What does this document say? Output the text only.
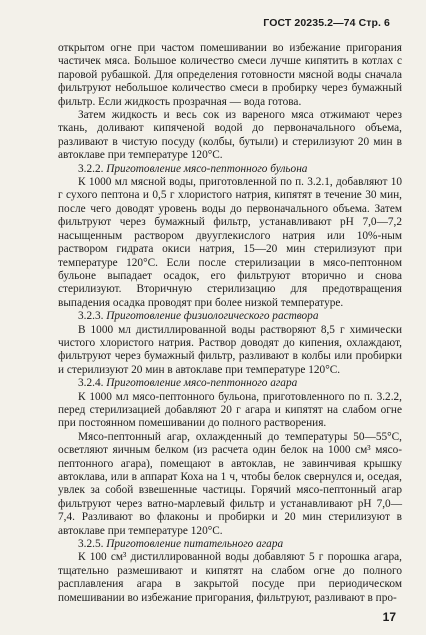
ГОСТ 20235.2—74 Стр. 6

открытом огне при частом помешивании во избежание пригорания частичек мяса. Большое количество смеси лучше кипятить в котлах с паровой рубашкой. Для определения готовности мясной воды сначала фильтруют небольшое количество смеси в пробирку через бумажный фильтр. Если жидкость прозрачная — вода готова.

Затем жидкость и весь сок из вареного мяса отжимают через ткань, доливают кипяченой водой до первоначального объема, разливают в чистую посуду (колбы, бутыли) и стерилизуют 20 мин в автоклаве при температуре 120°С.

3.2.2. Приготовление мясо-пептонного бульона

К 1000 мл мясной воды, приготовленной по п. 3.2.1, добавляют 10 г сухого пептона и 0,5 г хлористого натрия, кипятят в течение 30 мин, после чего доводят уровень воды до первоначального объема. Затем фильтруют через бумажный фильтр, устанавливают рН 7,0—7,2 насыщенным раствором двууглекислого натрия или 10%-ным раствором гидрата окиси натрия, 15—20 мин стерилизуют при температуре 120°С. Если после стерилизации в мясо-пептонном бульоне выпадает осадок, его фильтруют вторично и снова стерилизуют. Вторичную стерилизацию для предотвращения выпадения осадка проводят при более низкой температуре.

3.2.3. Приготовление физиологического раствора

В 1000 мл дистиллированной воды растворяют 8,5 г химически чистого хлористого натрия. Раствор доводят до кипения, охлаждают, фильтруют через бумажный фильтр, разливают в колбы или пробирки и стерилизуют 20 мин в автоклаве при температуре 120°С.

3.2.4. Приготовление мясо-пептонного агара

К 1000 мл мясо-пептонного бульона, приготовленного по п. 3.2.2, перед стерилизацией добавляют 20 г агара и кипятят на слабом огне при постоянном помешивании до полного растворения.

Мясо-пептонный агар, охлажденный до температуры 50—55°С, осветляют яичным белком (из расчета один белок на 1000 см³ мясо-пептонного агара), помещают в автоклав, не завинчивая крышку автоклава, или в аппарат Коха на 1 ч, чтобы белок свернулся и, оседая, увлек за собой взвешенные частицы. Горячий мясо-пептонный агар фильтруют через ватно-марлевый фильтр и устанавливают рН 7,0—7,4. Разливают во флаконы и пробирки и 20 мин стерилизуют в автоклаве при температуре 120°С.

3.2.5. Приготовление питательного агара

К 100 см³ дистиллированной воды добавляют 5 г порошка агара, тщательно размешивают и кипятят на слабом огне до полного расплавления агара в закрытой посуде при периодическом помешивании во избежание пригорания, фильтруют, разливают в про-

17
